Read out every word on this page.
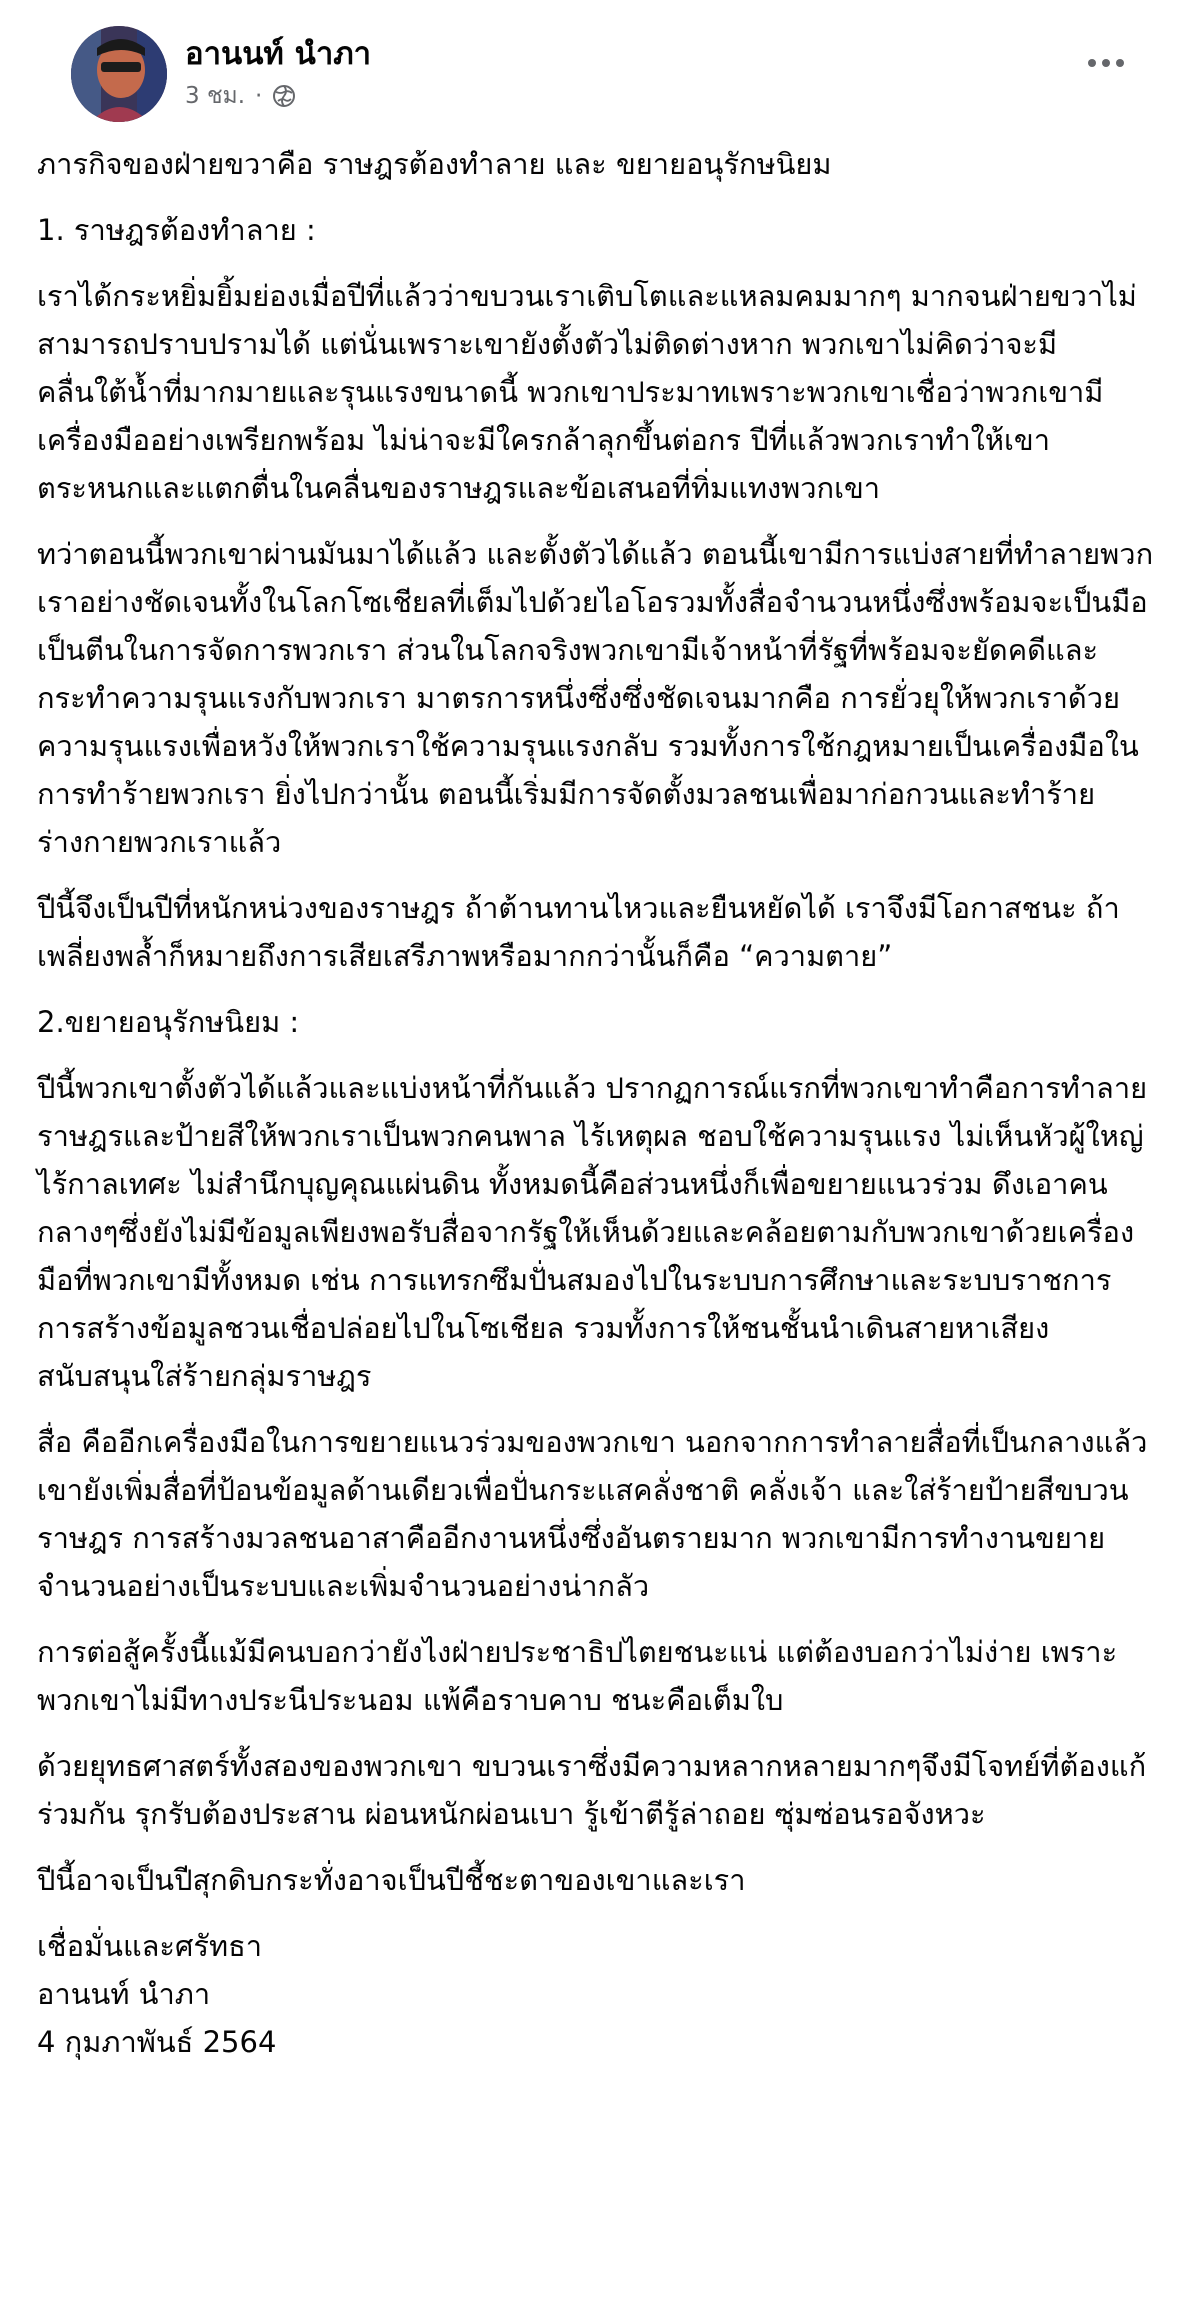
อานนท์ นำภา
3 ชม. ·

ภารกิจของฝ่ายขวาคือ ราษฎรต้องทำลาย และ ขยายอนุรักษนิยม

1. ราษฎรต้องทำลาย :

เราได้กระหยิ่มยิ้มย่องเมื่อปีที่แล้วว่าขบวนเราเติบโตและแหลมคมมากๆ มากจนฝ่ายขวาไม่สามารถปราบปรามได้ แต่นั่นเพราะเขายังตั้งตัวไม่ติดต่างหาก พวกเขาไม่คิดว่าจะมีคลื่นใต้น้ำที่มากมายและรุนแรงขนาดนี้ พวกเขาประมาทเพราะพวกเขาเชื่อว่าพวกเขามีเครื่องมืออย่างเพรียกพร้อม ไม่น่าจะมีใครกล้าลุกขึ้นต่อกร ปีที่แล้วพวกเราทำให้เขาตระหนกและแตกตื่นในคลื่นของราษฎรและข้อเสนอที่ทิ่มแทงพวกเขา

ทว่าตอนนี้พวกเขาผ่านมันมาได้แล้ว และตั้งตัวได้แล้ว ตอนนี้เขามีการแบ่งสายที่ทำลายพวกเราอย่างชัดเจนทั้งในโลกโซเชียลที่เต็มไปด้วยไอโอรวมทั้งสื่อจำนวนหนึ่งซึ่งพร้อมจะเป็นมือเป็นตีนในการจัดการพวกเรา ส่วนในโลกจริงพวกเขามีเจ้าหน้าที่รัฐที่พร้อมจะยัดคดีและกระทำความรุนแรงกับพวกเรา มาตรการหนึ่งซึ่งซึ่งชัดเจนมากคือ การยั่วยุให้พวกเราด้วยความรุนแรงเพื่อหวังให้พวกเราใช้ความรุนแรงกลับ รวมทั้งการใช้กฎหมายเป็นเครื่องมือในการทำร้ายพวกเรา ยิ่งไปกว่านั้น ตอนนี้เริ่มมีการจัดตั้งมวลชนเพื่อมาก่อกวนและทำร้ายร่างกายพวกเราแล้ว

ปีนี้จึงเป็นปีที่หนักหน่วงของราษฎร ถ้าต้านทานไหวและยืนหยัดได้ เราจึงมีโอกาสชนะ ถ้าเพลี่ยงพล้ำก็หมายถึงการเสียเสรีภาพหรือมากกว่านั้นก็คือ “ความตาย”

2.ขยายอนุรักษนิยม :

ปีนี้พวกเขาตั้งตัวได้แล้วและแบ่งหน้าที่กันแล้ว ปรากฏการณ์แรกที่พวกเขาทำคือการทำลายราษฎรและป้ายสีให้พวกเราเป็นพวกคนพาล ไร้เหตุผล ชอบใช้ความรุนแรง ไม่เห็นหัวผู้ใหญ่ ไร้กาลเทศะ ไม่สำนึกบุญคุณแผ่นดิน ทั้งหมดนี้คือส่วนหนึ่งก็เพื่อขยายแนวร่วม ดึงเอาคนกลางๆซึ่งยังไม่มีข้อมูลเพียงพอรับสื่อจากรัฐให้เห็นด้วยและคล้อยตามกับพวกเขาด้วยเครื่องมือที่พวกเขามีทั้งหมด เช่น การแทรกซึมปั่นสมองไปในระบบการศึกษาและระบบราชการ การสร้างข้อมูลชวนเชื่อปล่อยไปในโซเชียล รวมทั้งการให้ชนชั้นนำเดินสายหาเสียงสนับสนุนใส่ร้ายกลุ่มราษฎร

สื่อ คืออีกเครื่องมือในการขยายแนวร่วมของพวกเขา นอกจากการทำลายสื่อที่เป็นกลางแล้วเขายังเพิ่มสื่อที่ป้อนข้อมูลด้านเดียวเพื่อปั่นกระแสคลั่งชาติ คลั่งเจ้า และใส่ร้ายป้ายสีขบวนราษฎร การสร้างมวลชนอาสาคืออีกงานหนึ่งซึ่งอันตรายมาก พวกเขามีการทำงานขยายจำนวนอย่างเป็นระบบและเพิ่มจำนวนอย่างน่ากลัว

การต่อสู้ครั้งนี้แม้มีคนบอกว่ายังไงฝ่ายประชาธิปไตยชนะแน่ แต่ต้องบอกว่าไม่ง่าย เพราะพวกเขาไม่มีทางประนีประนอม แพ้คือราบคาบ ชนะคือเต็มใบ

ด้วยยุทธศาสตร์ทั้งสองของพวกเขา ขบวนเราซึ่งมีความหลากหลายมากๆจึงมีโจทย์ที่ต้องแก้ร่วมกัน รุกรับต้องประสาน ผ่อนหนักผ่อนเบา รู้เข้าตีรู้ล่าถอย ซุ่มซ่อนรอจังหวะ

ปีนี้อาจเป็นปีสุกดิบกระทั่งอาจเป็นปีชี้ชะตาของเขาและเรา

เชื่อมั่นและศรัทธา

อานนท์ นำภา

4 กุมภาพันธ์ 2564
